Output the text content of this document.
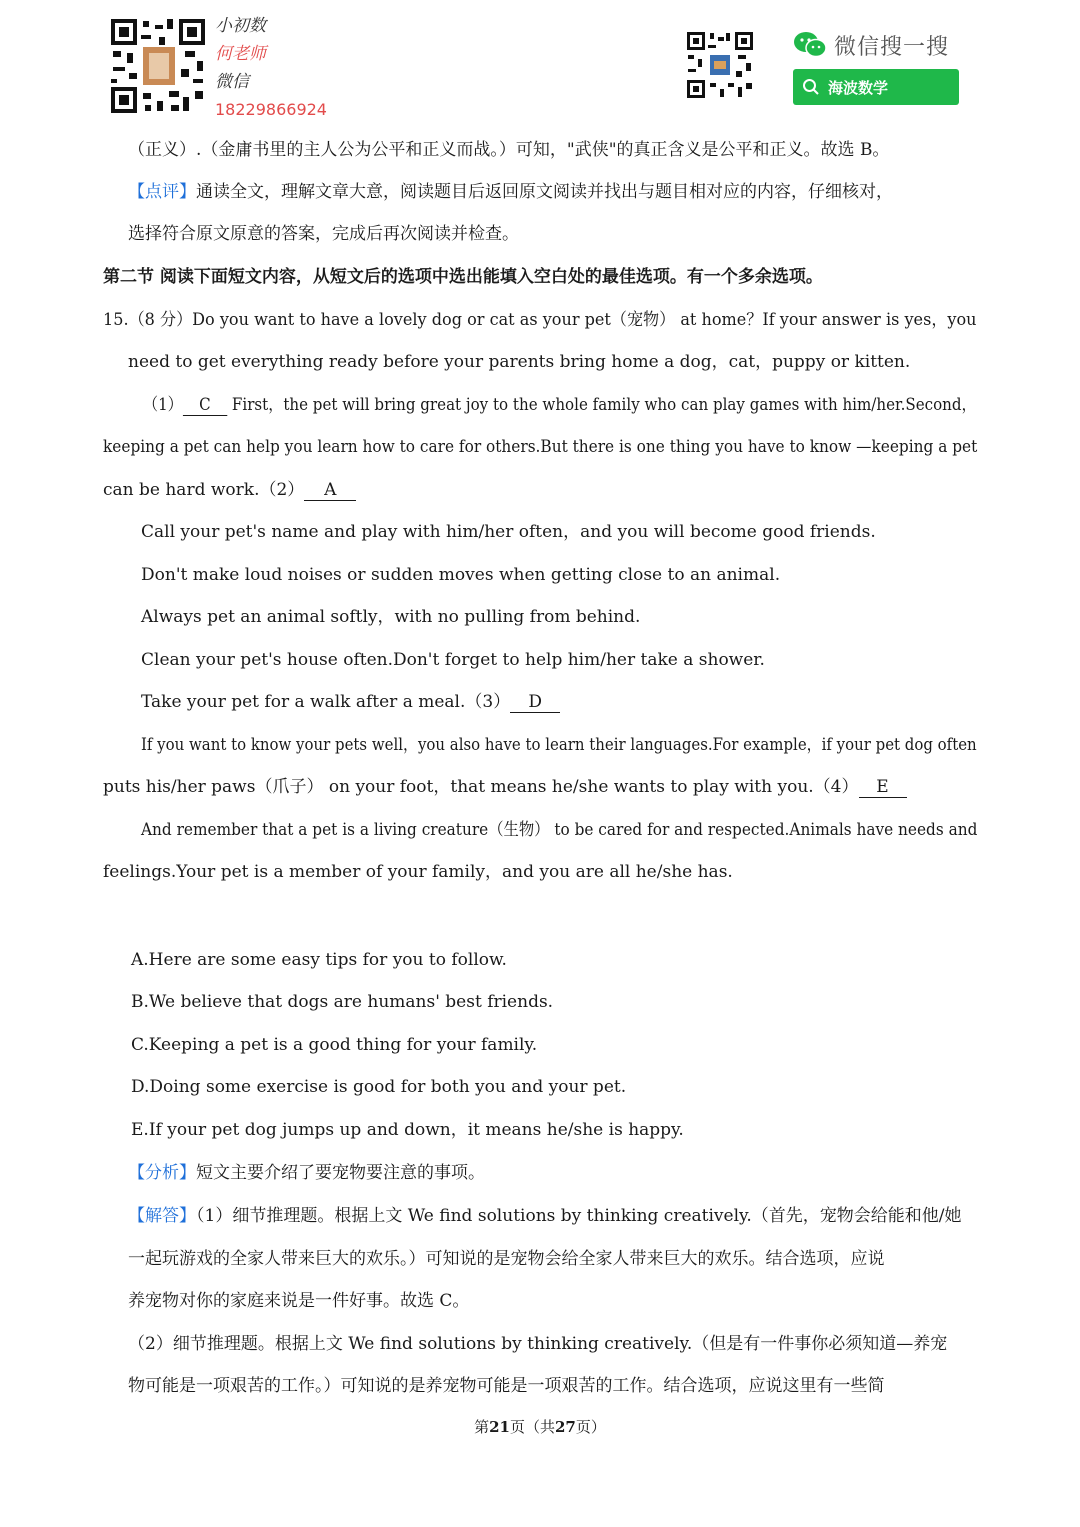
小初数
何老师
微信
18229866924
微信搜一搜
海波数学
（正义）.（金庸书里的主人公为公平和正义而战。）可知，"武侠"的真正含义是公平和正义。故选 B。
【点评】通读全文，理解文章大意，阅读题目后返回原文阅读并找出与题目相对应的内容，仔细核对，
选择符合原文原意的答案，完成后再次阅读并检查。
第二节 阅读下面短文内容，从短文后的选项中选出能填入空白处的最佳选项。有一个多余选项。
15.（8 分）Do you want to have a lovely dog or cat as your pet（宠物） at home？If your answer is yes，you
need to get everything ready before your parents bring home a dog，cat，puppy or kitten.
（1） C First，the pet will bring great joy to the whole family who can play games with him/her.Second，
keeping a pet can help you learn how to care for others.But there is one thing you have to know —keeping a pet
can be hard work.（2） A
Call your pet's name and play with him/her often，and you will become good friends.
Don't make loud noises or sudden moves when getting close to an animal.
Always pet an animal softly，with no pulling from behind.
Clean your pet's house often.Don't forget to help him/her take a shower.
Take your pet for a walk after a meal.（3） D
If you want to know your pets well，you also have to learn their languages.For example，if your pet dog often
puts his/her paws（爪子） on your foot，that means he/she wants to play with you.（4） E
And remember that a pet is a living creature（生物） to be cared for and respected.Animals have needs and
feelings.Your pet is a member of your family，and you are all he/she has.
A.Here are some easy tips for you to follow.
B.We believe that dogs are humans' best friends.
C.Keeping a pet is a good thing for your family.
D.Doing some exercise is good for both you and your pet.
E.If your pet dog jumps up and down，it means he/she is happy.
【分析】短文主要介绍了要宠物要注意的事项。
【解答】（1）细节推理题。根据上文 We find solutions by thinking creatively.（首先，宠物会给能和他/她
一起玩游戏的全家人带来巨大的欢乐。）可知说的是宠物会给全家人带来巨大的欢乐。结合选项，应说
养宠物对你的家庭来说是一件好事。故选 C。
（2）细节推理题。根据上文 We find solutions by thinking creatively.（但是有一件事你必须知道—养宠
物可能是一项艰苦的工作。）可知说的是养宠物可能是一项艰苦的工作。结合选项，应说这里有一些简
第21页（共27页）
